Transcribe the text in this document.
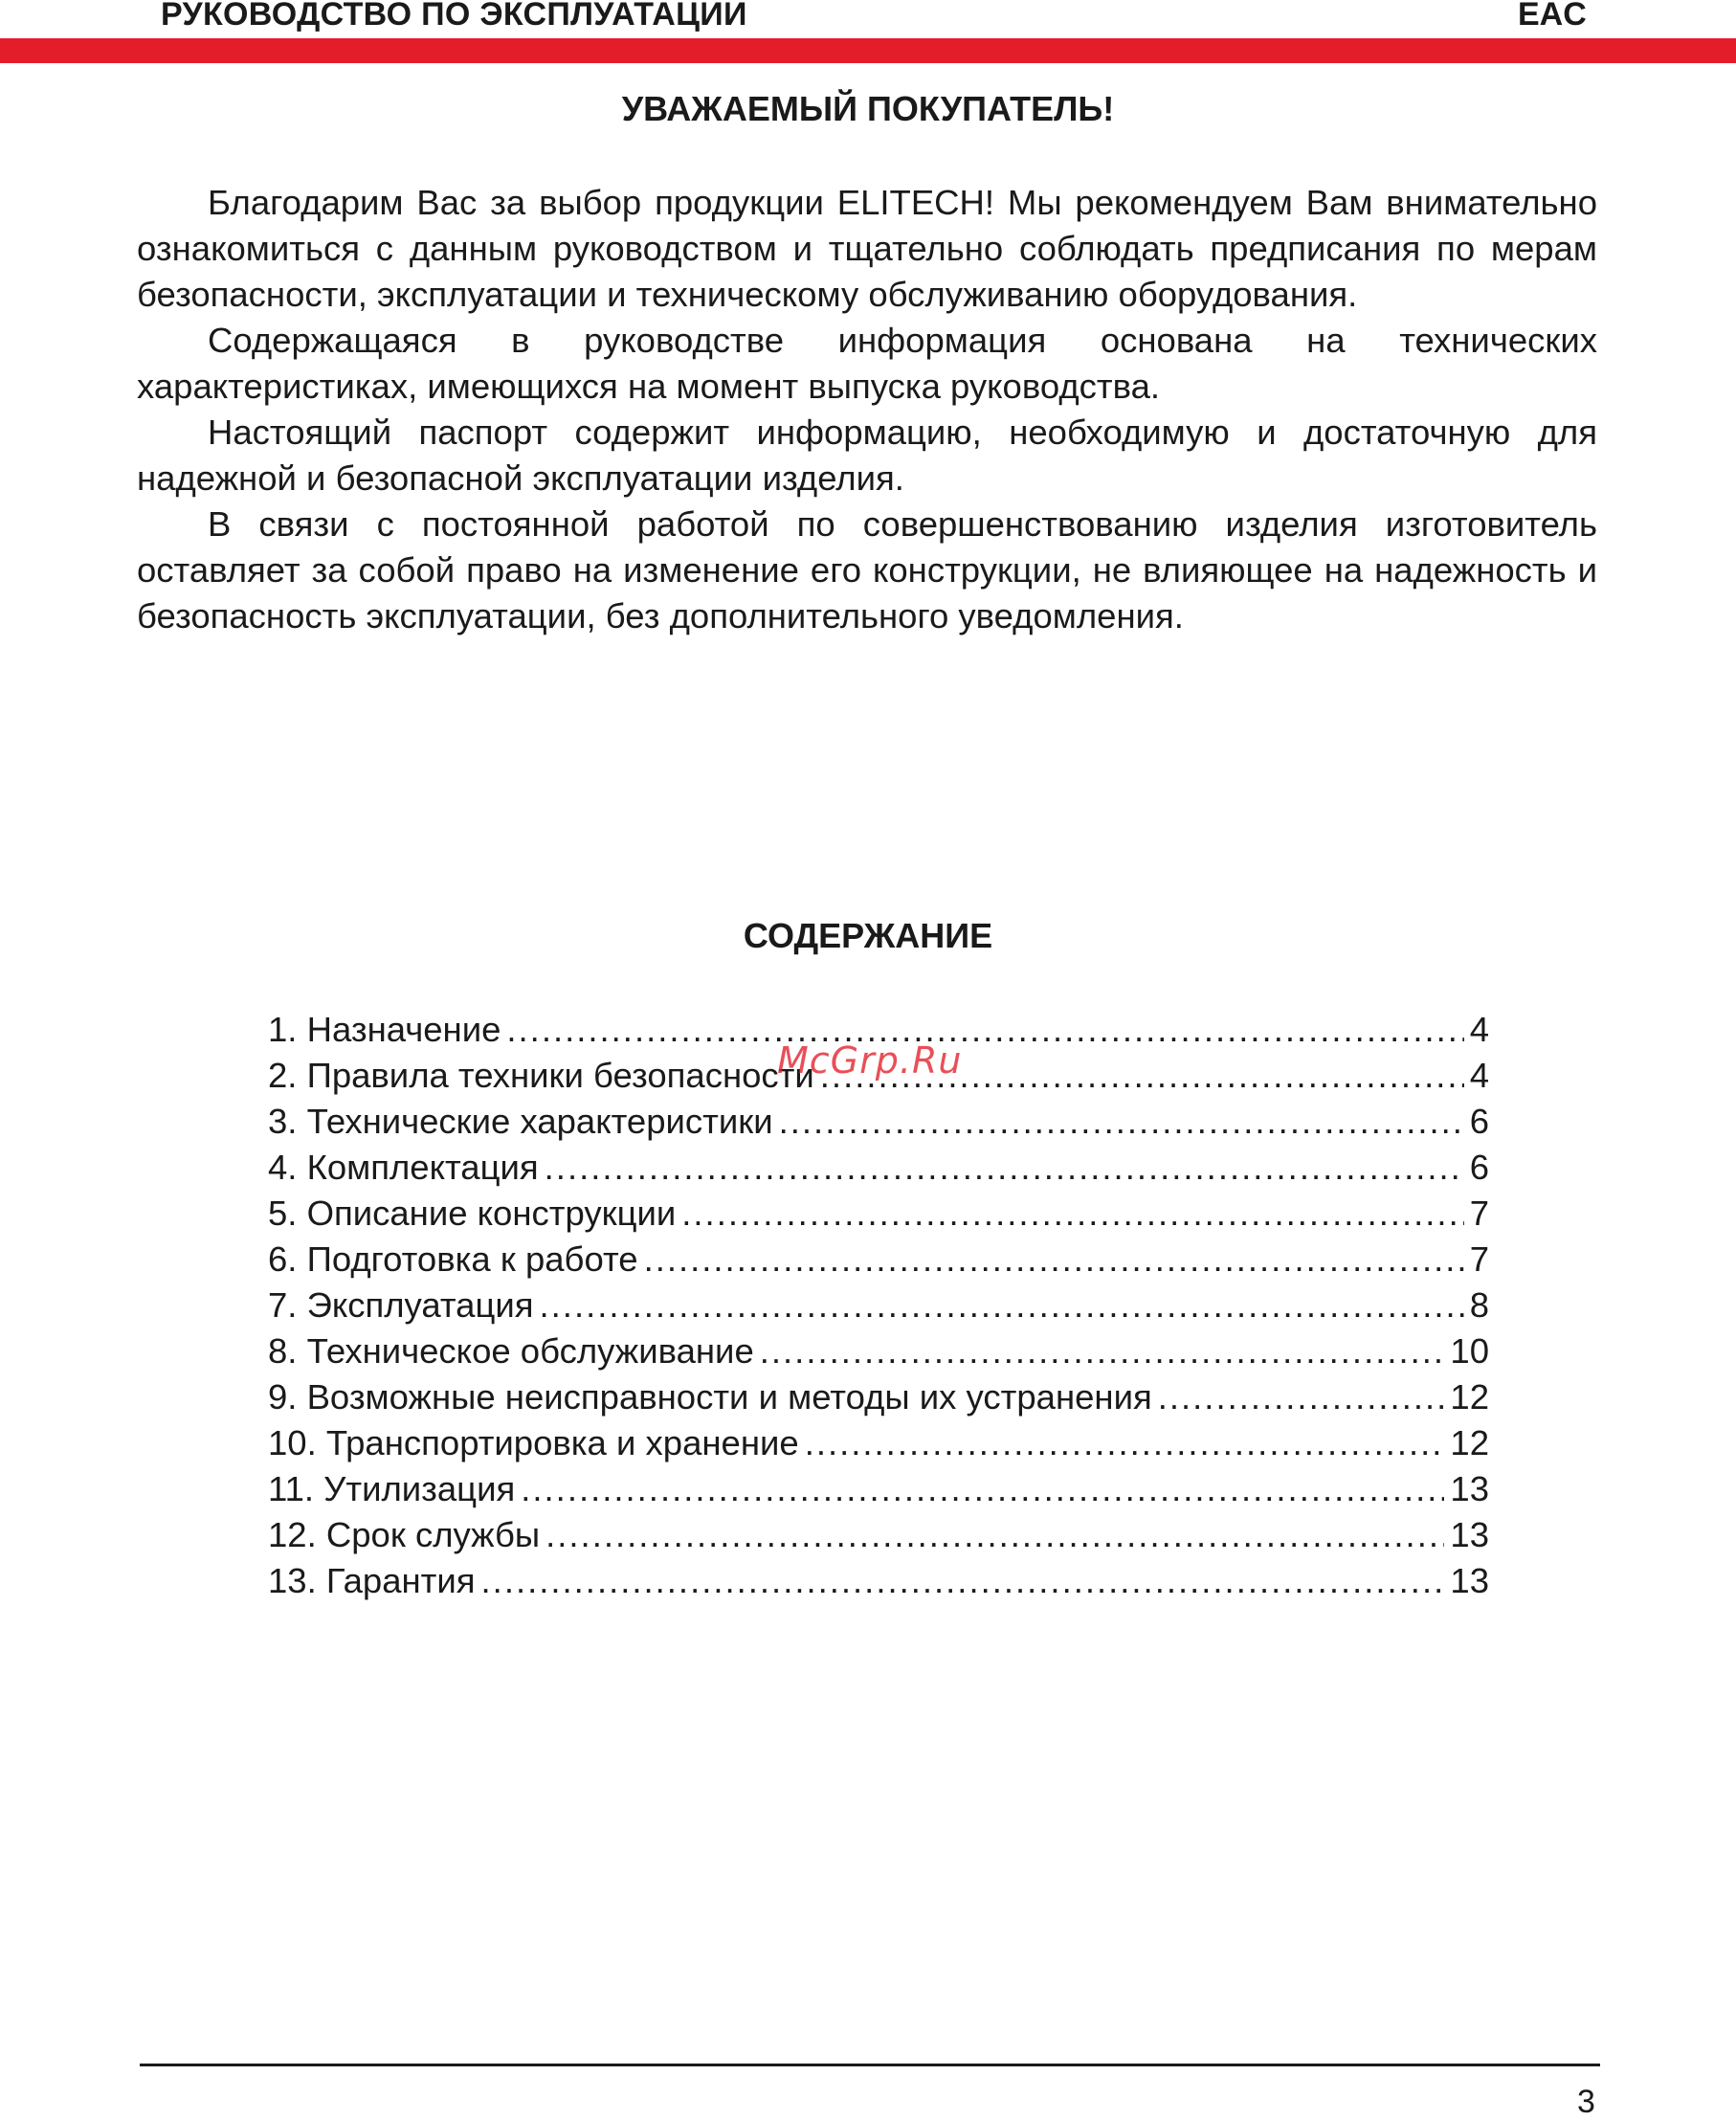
РУКОВОДСТВО ПО ЭКСПЛУАТАЦИИ	EAC
УВАЖАЕМЫЙ ПОКУПАТЕЛЬ!

Благодарим Вас за выбор продукции ELITECH! Мы рекомендуем Вам внимательно ознакомиться с данным руководством и тщательно соблюдать предписания по мерам безопасности, эксплуатации и техническому обслуживанию оборудования.

Содержащаяся в руководстве информация основана на технических характеристиках, имеющихся на момент выпуска руководства.

Настоящий паспорт содержит информацию, необходимую и достаточную для надежной и безопасной эксплуатации изделия.

В связи с постоянной работой по совершенствованию изделия изготовитель оставляет за собой право на изменение его конструкции, не влияющее на надежность и безопасность эксплуатации, без дополнительного уведомления.

СОДЕРЖАНИЕ
1. Назначение .....	4
2. Правила техники безопасности .....	4
3. Технические характеристики .....	6
4. Комплектация .....	6
5. Описание конструкции .....	7
6. Подготовка к работе .....	7
7. Эксплуатация .....	8
8. Техническое обслуживание .....	10
9. Возможные неисправности и методы их устранения .....	12
10. Транспортировка и хранение .....	12
11. Утилизация .....	13
12. Срок службы .....	13
13. Гарантия .....	13
McGrp.Ru
3
